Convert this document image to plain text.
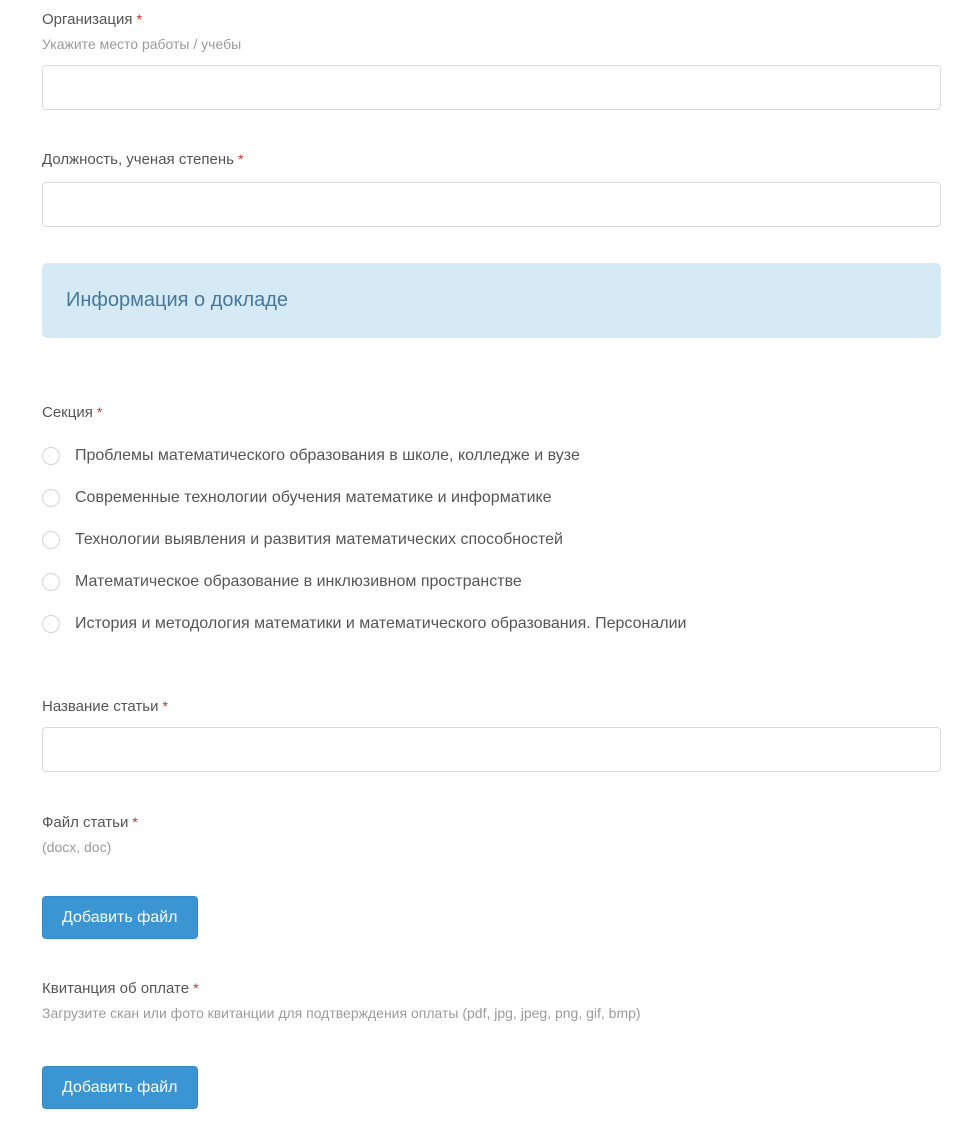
Организация *
Укажите место работы / учебы
Должность, ученая степень *
Информация о докладе
Секция *
Проблемы математического образования в школе, колледже и вузе
Современные технологии обучения математике и информатике
Технологии выявления и развития математических способностей
Математическое образование в инклюзивном пространстве
История и методология математики и математического образования. Персоналии
Название статьи *
Файл статьи *
(docx, doc)
Добавить файл
Квитанция об оплате *
Загрузите скан или фото квитанции для подтверждения оплаты (pdf, jpg, jpeg, png, gif, bmp)
Добавить файл
